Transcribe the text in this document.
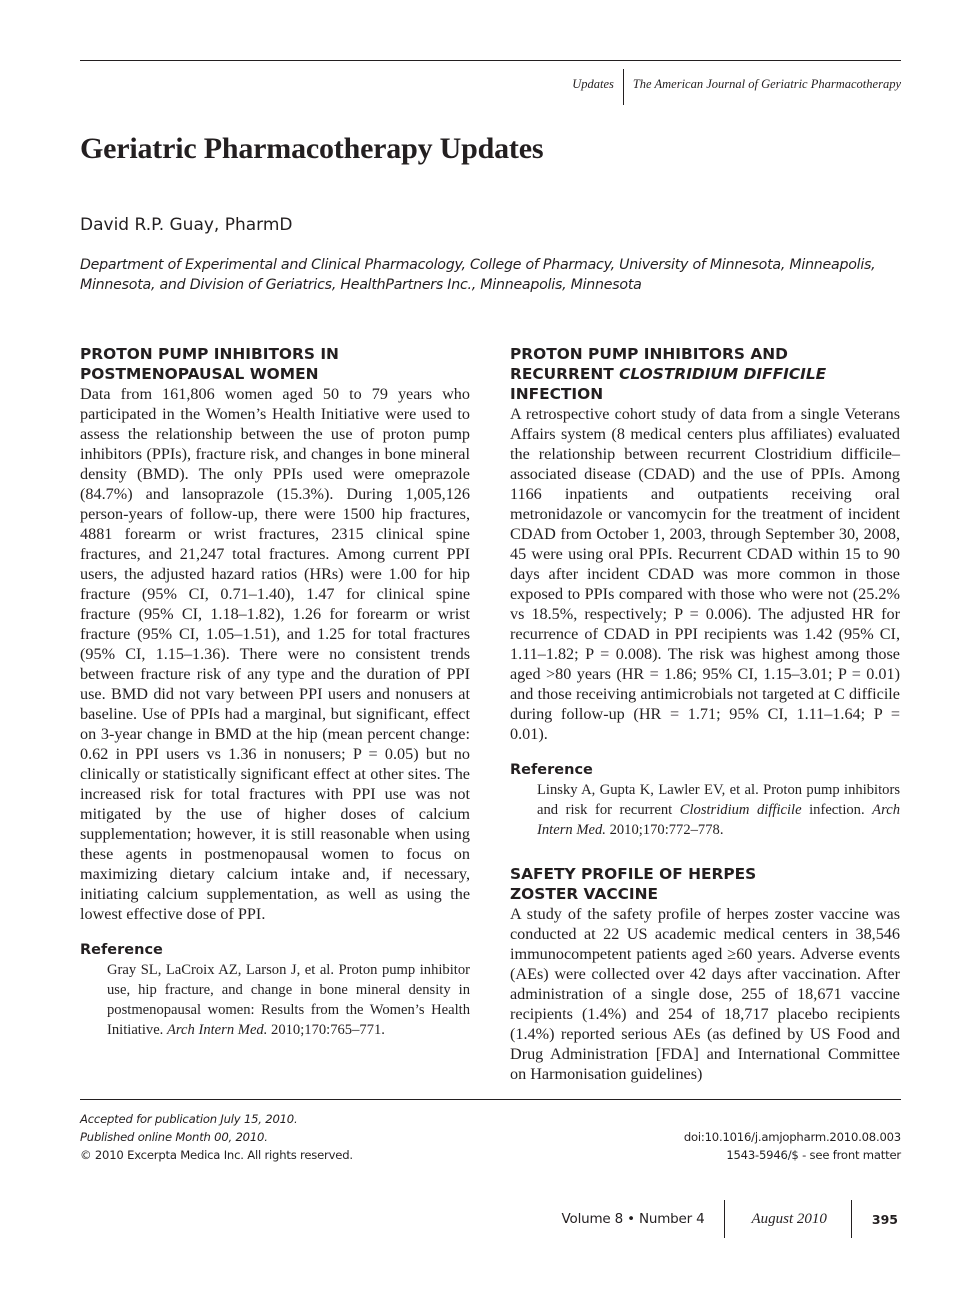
Updates The American Journal of Geriatric Pharmacotherapy
Geriatric Pharmacotherapy Updates

David R.P. Guay, PharmD

Department of Experimental and Clinical Pharmacology, College of Pharmacy, University of Minnesota, Minneapolis, Minnesota, and Division of Geriatrics, HealthPartners Inc., Minneapolis, Minnesota

PROTON PUMP INHIBITORS IN
POSTMENOPAUSAL WOMEN

Data from 161,806 women aged 50 to 79 years who participated in the Women’s Health Initiative were used to assess the relationship between the use of proton pump inhibitors (PPIs), fracture risk, and changes in bone mineral density (BMD). The only PPIs used were omeprazole (84.7%) and lansoprazole (15.3%). During 1,005,126 person-years of follow-up, there were 1500 hip fractures, 4881 forearm or wrist fractures, 2315 clinical spine fractures, and 21,247 total fractures. Among current PPI users, the adjusted hazard ratios (HRs) were 1.00 for hip fracture (95% CI, 0.71–1.40), 1.47 for clinical spine fracture (95% CI, 1.18–1.82), 1.26 for forearm or wrist fracture (95% CI, 1.05–1.51), and 1.25 for total fractures (95% CI, 1.15–1.36). There were no consistent trends between fracture risk of any type and the duration of PPI use. BMD did not vary between PPI users and nonusers at baseline. Use of PPIs had a marginal, but significant, effect on 3-year change in BMD at the hip (mean percent change: 0.62 in PPI users vs 1.36 in nonusers; P = 0.05) but no clinically or statistically significant effect at other sites. The increased risk for total fractures with PPI use was not mitigated by the use of higher doses of calcium supplementation; however, it is still reasonable when using these agents in postmenopausal women to focus on maximizing dietary calcium intake and, if necessary, initiating calcium supplementation, as well as using the lowest effective dose of PPI.

Reference

Gray SL, LaCroix AZ, Larson J, et al. Proton pump inhibitor use, hip fracture, and change in bone mineral density in postmenopausal women: Results from the Women’s Health Initiative. Arch Intern Med. 2010;170:765–771.

PROTON PUMP INHIBITORS AND
RECURRENT CLOSTRIDIUM DIFFICILE
INFECTION

A retrospective cohort study of data from a single Veterans Affairs system (8 medical centers plus affiliates) evaluated the relationship between recurrent Clostridium difficile–associated disease (CDAD) and the use of PPIs. Among 1166 inpatients and outpatients receiving oral metronidazole or vancomycin for the treatment of incident CDAD from October 1, 2003, through September 30, 2008, 45 were using oral PPIs. Recurrent CDAD within 15 to 90 days after incident CDAD was more common in those exposed to PPIs compared with those who were not (25.2% vs 18.5%, respectively; P = 0.006). The adjusted HR for recurrence of CDAD in PPI recipients was 1.42 (95% CI, 1.11–1.82; P = 0.008). The risk was highest among those aged >80 years (HR = 1.86; 95% CI, 1.15–3.01; P = 0.01) and those receiving antimicrobials not targeted at C difficile during follow-up (HR = 1.71; 95% CI, 1.11–1.64; P = 0.01).

Reference

Linsky A, Gupta K, Lawler EV, et al. Proton pump inhibitors and risk for recurrent Clostridium difficile infection. Arch Intern Med. 2010;170:772–778.

SAFETY PROFILE OF HERPES
ZOSTER VACCINE

A study of the safety profile of herpes zoster vaccine was conducted at 22 US academic medical centers in 38,546 immunocompetent patients aged ≥60 years. Adverse events (AEs) were collected over 42 days after vaccination. After administration of a single dose, 255 of 18,671 vaccine recipients (1.4%) and 254 of 18,717 placebo recipients (1.4%) reported serious AEs (as defined by US Food and Drug Administration [FDA] and International Committee on Harmonisation guidelines)

Accepted for publication July 15, 2010.
Published online Month 00, 2010.
© 2010 Excerpta Medica Inc. All rights reserved.
doi:10.1016/j.amjopharm.2010.08.003
1543-5946/$ - see front matter
Volume 8 • Number 4	August 2010	395
